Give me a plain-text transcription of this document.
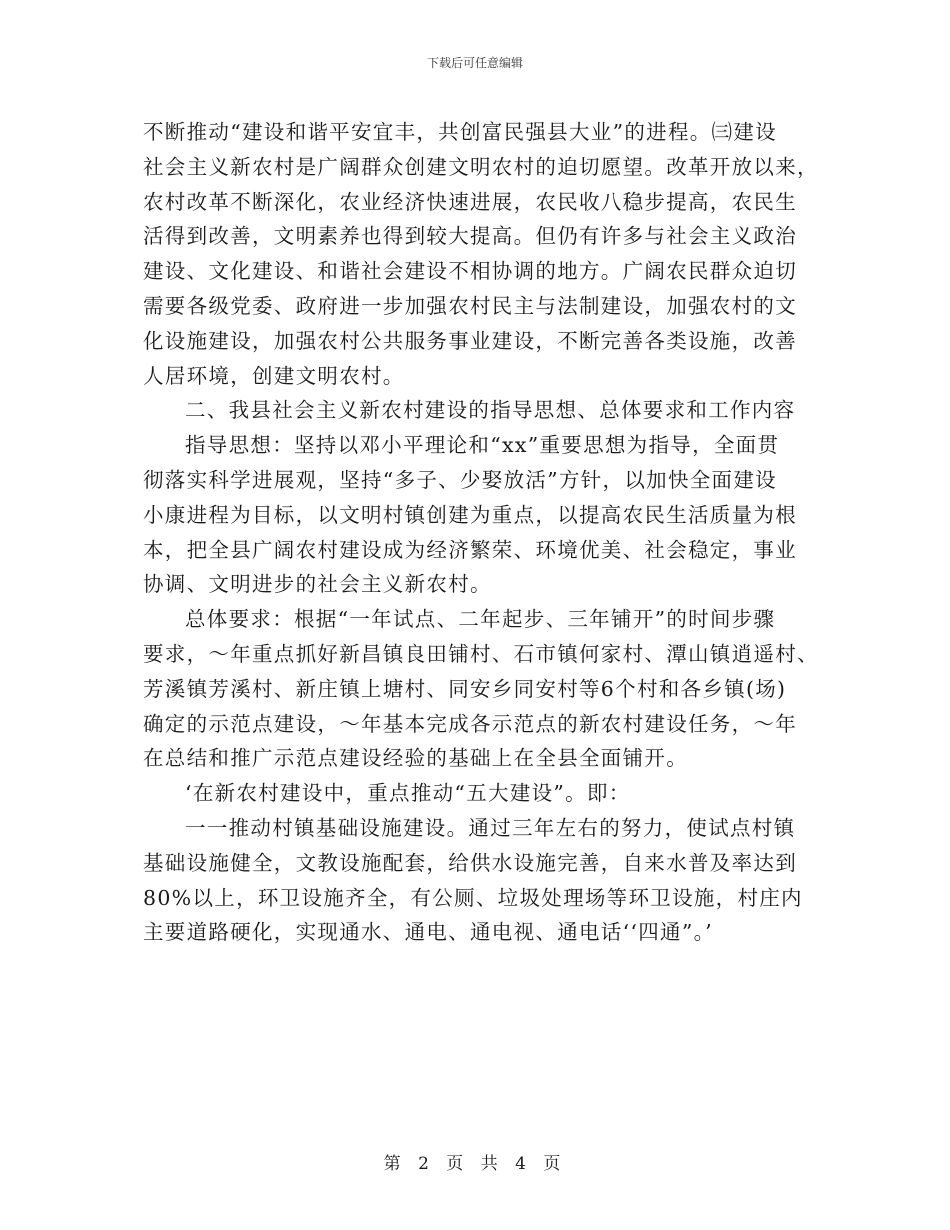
下载后可任意编辑

不断推动“建设和谐平安宜丰，共创富民强县大业”的进程。㈢建设
社会主义新农村是广阔群众创建文明农村的迫切愿望。改革开放以来，
农村改革不断深化，农业经济快速进展，农民收八稳步提高，农民生
活得到改善，文明素养也得到较大提高。但仍有许多与社会主义政治
建设、文化建设、和谐社会建设不相协调的地方。广阔农民群众迫切
需要各级党委、政府进一步加强农村民主与法制建设，加强农村的文
化设施建设，加强农村公共服务事业建设，不断完善各类设施，改善
人居环境，创建文明农村。
二、我县社会主义新农村建设的指导思想、总体要求和工作内容
指导思想：坚持以邓小平理论和“xx”重要思想为指导，全面贯
彻落实科学进展观，坚持“多子、少娶放活”方针，以加快全面建设
小康进程为目标，以文明村镇创建为重点，以提高农民生活质量为根
本，把全县广阔农村建设成为经济繁荣、环境优美、社会稳定，事业
协调、文明进步的社会主义新农村。
总体要求：根据“一年试点、二年起步、三年铺开”的时间步骤
要求，～年重点抓好新昌镇良田铺村、石市镇何家村、潭山镇逍遥村、
芳溪镇芳溪村、新庄镇上塘村、同安乡同安村等6个村和各乡镇(场)
确定的示范点建设，～年基本完成各示范点的新农村建设任务，～年
在总结和推广示范点建设经验的基础上在全县全面铺开。
‘在新农村建设中，重点推动“五大建设”。即：
一一推动村镇基础设施建设。通过三年左右的努力，使试点村镇
基础设施健全，文教设施配套，给供水设施完善，自来水普及率达到
80%以上，环卫设施齐全，有公厕、垃圾处理场等环卫设施，村庄内
主要道路硬化，实现通水、通电、通电视、通电话‘‘四通”。’

第 2 页 共 4 页
